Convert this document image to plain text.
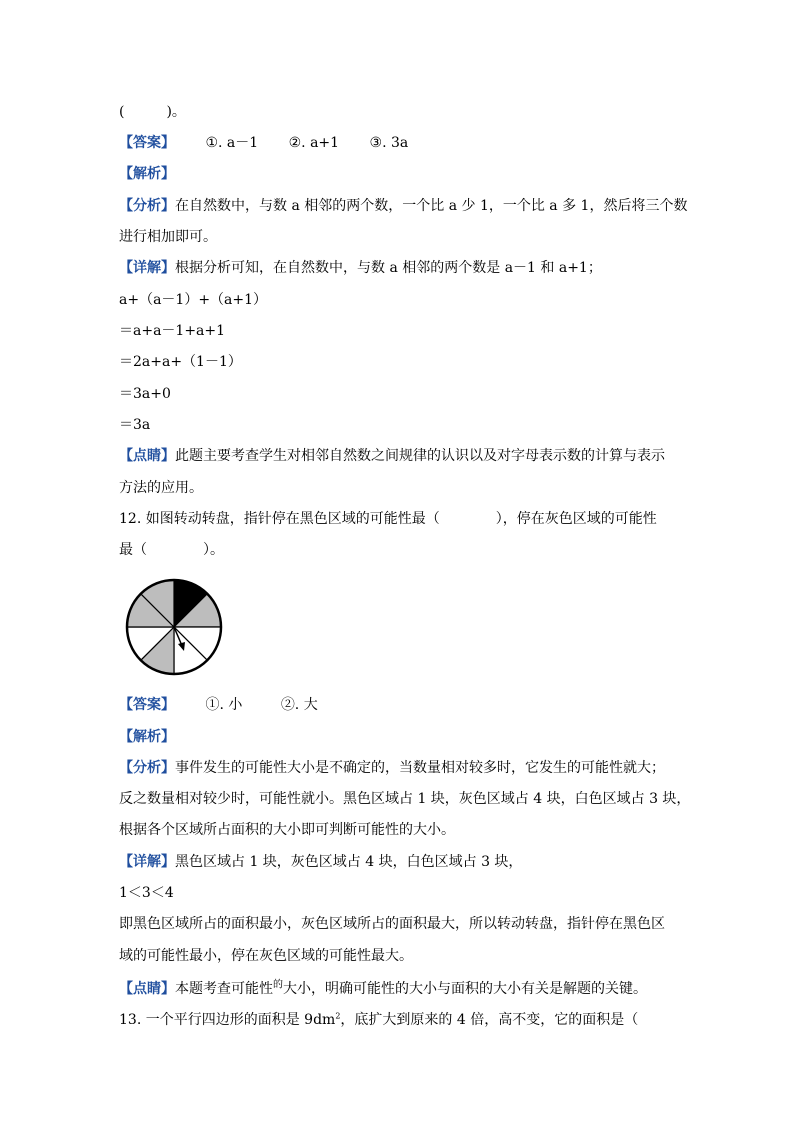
(　　　)。
【答案】 ①. a－1 ②. a+1 ③. 3a
【解析】
【分析】在自然数中，与数 a 相邻的两个数，一个比 a 少 1，一个比 a 多 1，然后将三个数
进行相加即可。
【详解】根据分析可知，在自然数中，与数 a 相邻的两个数是 a－1 和 a+1；
a+（a－1）+（a+1）
＝a+a－1+a+1
＝2a+a+（1－1）
＝3a+0
＝3a
【点睛】此题主要考查学生对相邻自然数之间规律的认识以及对字母表示数的计算与表示
方法的应用。
12. 如图转动转盘，指针停在黑色区域的可能性最（　　　　），停在灰色区域的可能性
最（　　　　）。
【答案】 ①. 小	②. 大
【解析】
【分析】事件发生的可能性大小是不确定的，当数量相对较多时，它发生的可能性就大；
反之数量相对较少时，可能性就小。黑色区域占 1 块，灰色区域占 4 块，白色区域占 3 块，
根据各个区域所占面积的大小即可判断可能性的大小。
【详解】黑色区域占 1 块，灰色区域占 4 块，白色区域占 3 块，
1＜3＜4
即黑色区域所占的面积最小，灰色区域所占的面积最大，所以转动转盘，指针停在黑色区
域的可能性最小，停在灰色区域的可能性最大。
【点睛】本题考查可能性$^的$大小，明确可能性的大小与面积的大小有关是解题的关键。
13. 一个平行四边形的面积是 $9dm^2$，底扩大到原来的 4 倍，高不变，它的面积是（
